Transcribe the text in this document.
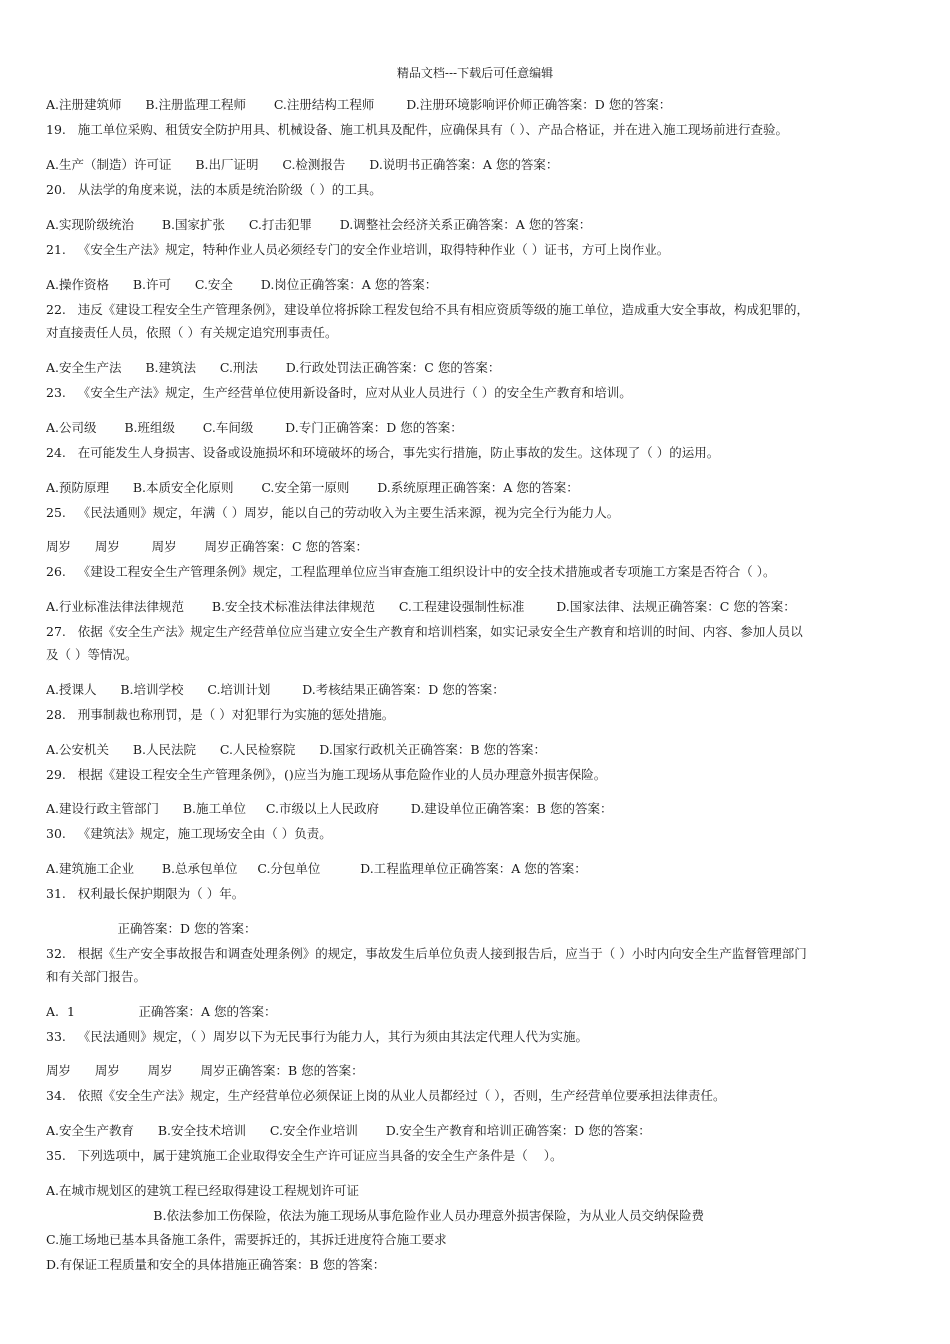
精品文档---下载后可任意编辑
A.注册建筑师      B.注册监理工程师       C.注册结构工程师        D.注册环境影响评价师正确答案：D 您的答案：
19.   施工单位采购、租赁安全防护用具、机械设备、施工机具及配件，应确保具有（ ）、产品合格证，并在进入施工现场前进行查验。
A.生产（制造）许可证      B.出厂证明      C.检测报告      D.说明书正确答案：A 您的答案：
20.   从法学的角度来说，法的本质是统治阶级（ ）的工具。
A.实现阶级统治       B.国家扩张      C.打击犯罪       D.调整社会经济关系正确答案：A 您的答案：
21.   《安全生产法》规定，特种作业人员必须经专门的安全作业培训，取得特种作业（ ）证书，方可上岗作业。
A.操作资格      B.许可      C.安全       D.岗位正确答案：A 您的答案：
22.   违反《建设工程安全生产管理条例》，建设单位将拆除工程发包给不具有相应资质等级的施工单位，造成重大安全事故，构成犯罪的，
对直接责任人员，依照（ ）有关规定追究刑事责任。
A.安全生产法      B.建筑法      C.刑法       D.行政处罚法正确答案：C 您的答案：
23.   《安全生产法》规定，生产经营单位使用新设备时，应对从业人员进行（ ）的安全生产教育和培训。
A.公司级       B.班组级       C.车间级        D.专门正确答案：D 您的答案：
24.   在可能发生人身损害、设备或设施损坏和环境破坏的场合，事先实行措施，防止事故的发生。这体现了（ ）的运用。
A.预防原理      B.本质安全化原则       C.安全第一原则       D.系统原理正确答案：A 您的答案：
25.   《民法通则》规定，年满（ ）周岁，能以自己的劳动收入为主要生活来源，视为完全行为能力人。
周岁      周岁        周岁       周岁正确答案：C 您的答案：
26.   《建设工程安全生产管理条例》规定，工程监理单位应当审查施工组织设计中的安全技术措施或者专项施工方案是否符合（ ）。
A.行业标准法律法律规范       B.安全技术标准法律法律规范      C.工程建设强制性标准        D.国家法律、法规正确答案：C 您的答案：
27.   依据《安全生产法》规定生产经营单位应当建立安全生产教育和培训档案，如实记录安全生产教育和培训的时间、内容、参加人员以
及（ ）等情况。
A.授课人      B.培训学校      C.培训计划        D.考核结果正确答案：D 您的答案：
28.   刑事制裁也称刑罚，是（ ）对犯罪行为实施的惩处措施。
A.公安机关      B.人民法院      C.人民检察院      D.国家行政机关正确答案：B 您的答案：
29.   根据《建设工程安全生产管理条例》，()应当为施工现场从事危险作业的人员办理意外损害保险。
A.建设行政主管部门      B.施工单位     C.市级以上人民政府        D.建设单位正确答案：B 您的答案：
30.   《建筑法》规定，施工现场安全由（ ）负责。
A.建筑施工企业       B.总承包单位     C.分包单位          D.工程监理单位正确答案：A 您的答案：
31.   权利最长保护期限为（ ）年。
正确答案：D 您的答案：
32.   根据《生产安全事故报告和调查处理条例》的规定，事故发生后单位负责人接到报告后，应当于（ ）小时内向安全生产监督管理部门
和有关部门报告。
A.  1                正确答案：A 您的答案：
33.   《民法通则》规定，（ ）周岁以下为无民事行为能力人，其行为须由其法定代理人代为实施。
周岁      周岁       周岁       周岁正确答案：B 您的答案：
34.   依照《安全生产法》规定，生产经营单位必须保证上岗的从业人员都经过（ ），否则，生产经营单位要承担法律责任。
A.安全生产教育      B.安全技术培训      C.安全作业培训       D.安全生产教育和培训正确答案：D 您的答案：
35.   下列选项中，属于建筑施工企业取得安全生产许可证应当具备的安全生产条件是（    ）。
A.在城市规划区的建筑工程已经取得建设工程规划许可证
B.依法参加工伤保险，依法为施工现场从事危险作业人员办理意外损害保险，为从业人员交纳保险费
C.施工场地已基本具备施工条件，需要拆迁的，其拆迁进度符合施工要求
D.有保证工程质量和安全的具体措施正确答案：B 您的答案：
